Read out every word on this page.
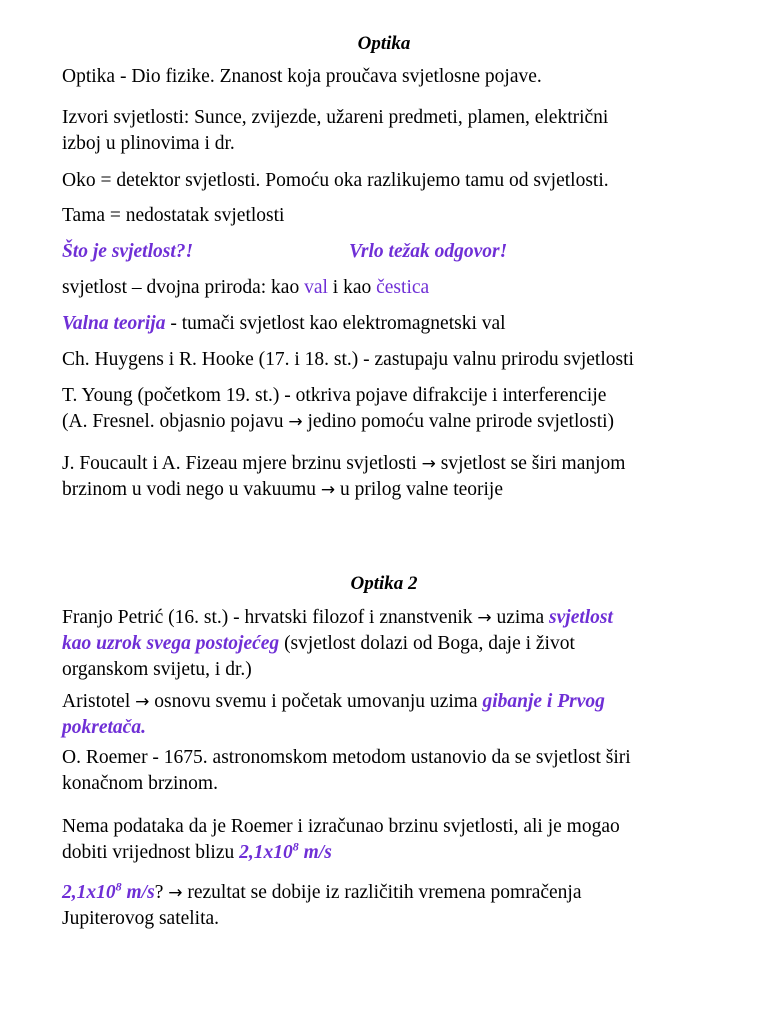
Optika
Optika - Dio fizike. Znanost koja proučava svjetlosne pojave.
Izvori svjetlosti: Sunce, zvijezde, užareni predmeti, plamen, električni
izboj u plinovima i dr.
Oko = detektor svjetlosti. Pomoću oka razlikujemo tamu od svjetlosti.
Tama = nedostatak svjetlosti
Što je svjetlost?!	Vrlo težak odgovor!
svjetlost – dvojna priroda: kao val i kao čestica
Valna teorija - tumači svjetlost kao elektromagnetski val
Ch. Huygens i R. Hooke (17. i 18. st.) - zastupaju valnu prirodu svjetlosti
T. Young (početkom 19. st.) - otkriva pojave difrakcije i interferencije
(A. Fresnel. objasnio pojavu → jedino pomoću valne prirode svjetlosti)
J. Foucault i A. Fizeau mjere brzinu svjetlosti → svjetlost se širi manjom
brzinom u vodi nego u vakuumu → u prilog valne teorije
Optika 2
Franjo Petrić (16. st.) - hrvatski filozof i znanstvenik → uzima svjetlost
kao uzrok svega postojećeg (svjetlost dolazi od Boga, daje i život
organskom svijetu, i dr.)
Aristotel → osnovu svemu i početak umovanju uzima gibanje i Prvog
pokretača.
O. Roemer - 1675. astronomskom metodom ustanovio da se svjetlost širi
konačnom brzinom.
Nema podataka da je Roemer i izračunao brzinu svjetlosti, ali je mogao
dobiti vrijednost blizu $2,1x10^8$ m/s
$2,1x10^8$ m/s? → rezultat se dobije iz različitih vremena pomračenja
Jupiterovog satelita.
